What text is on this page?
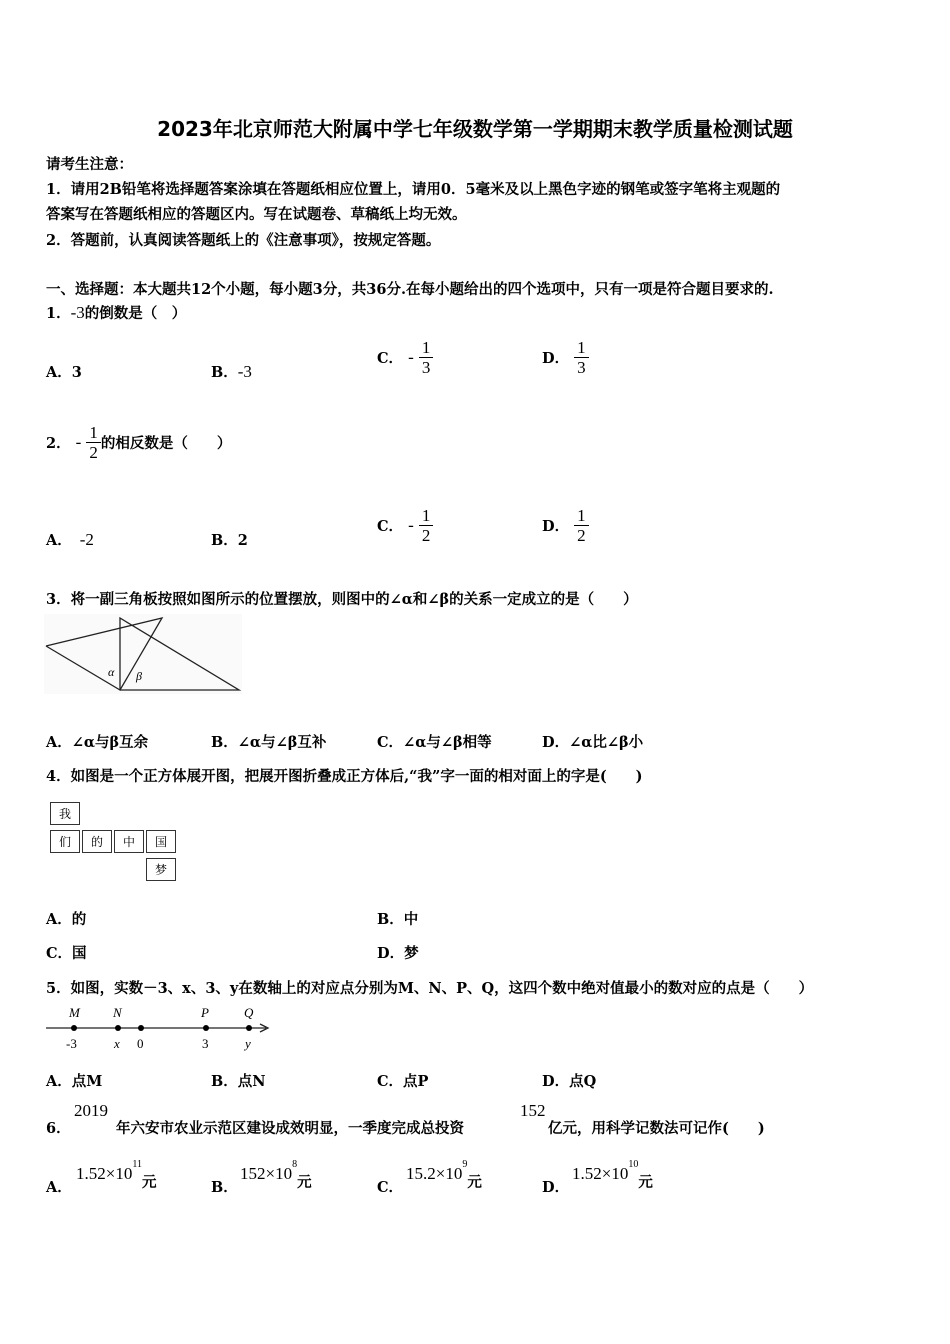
2023年北京师范大附属中学七年级数学第一学期期末教学质量检测试题
请考生注意：
1．请用2B铅笔将选择题答案涂填在答题纸相应位置上，请用0．5毫米及以上黑色字迹的钢笔或签字笔将主观题的
答案写在答题纸相应的答题区内。写在试题卷、草稿纸上均无效。
2．答题前，认真阅读答题纸上的《注意事项》，按规定答题。
一、选择题：本大题共12个小题，每小题3分，共36分.在每小题给出的四个选项中，只有一项是符合题目要求的.
1．-3的倒数是（　）
A．3	B．-3
C． - $\frac{1}{3}$	D． $\frac{1}{3}$
2． - $\frac{1}{2}$ 的相反数是（　　）
A． -2	B．2
C． - $\frac{1}{2}$	D． $\frac{1}{2}$
3．将一副三角板按照如图所示的位置摆放，则图中的∠α和∠β的关系一定成立的是（　　）
α β
A．∠α与β互余	B．∠α与∠β互补	C．∠α与∠β相等	D．∠α比∠β小
4．如图是一个正方体展开图，把展开图折叠成正方体后,“我”字一面的相对面上的字是(　　)
我
们	的	中	国
梦
A．的	B．中
C．国	D．梦
5．如图，实数－3、x、3、y在数轴上的对应点分别为M、N、P、Q，这四个数中绝对值最小的数对应的点是（　　）
M	N	P	Q
-3	x 0	3	y
A．点M	B．点N	C．点P	D．点Q
6．
2019
年六安市农业示范区建设成效明显，一季度完成总投资
152
亿元，用科学记数法可记作(　　)
A．
$1.52\times 10^{11}$元	B．
$152\times 10^8$元	C．
$15.2\times 10^9$元	D．
$1.52\times 10^{10}$元
